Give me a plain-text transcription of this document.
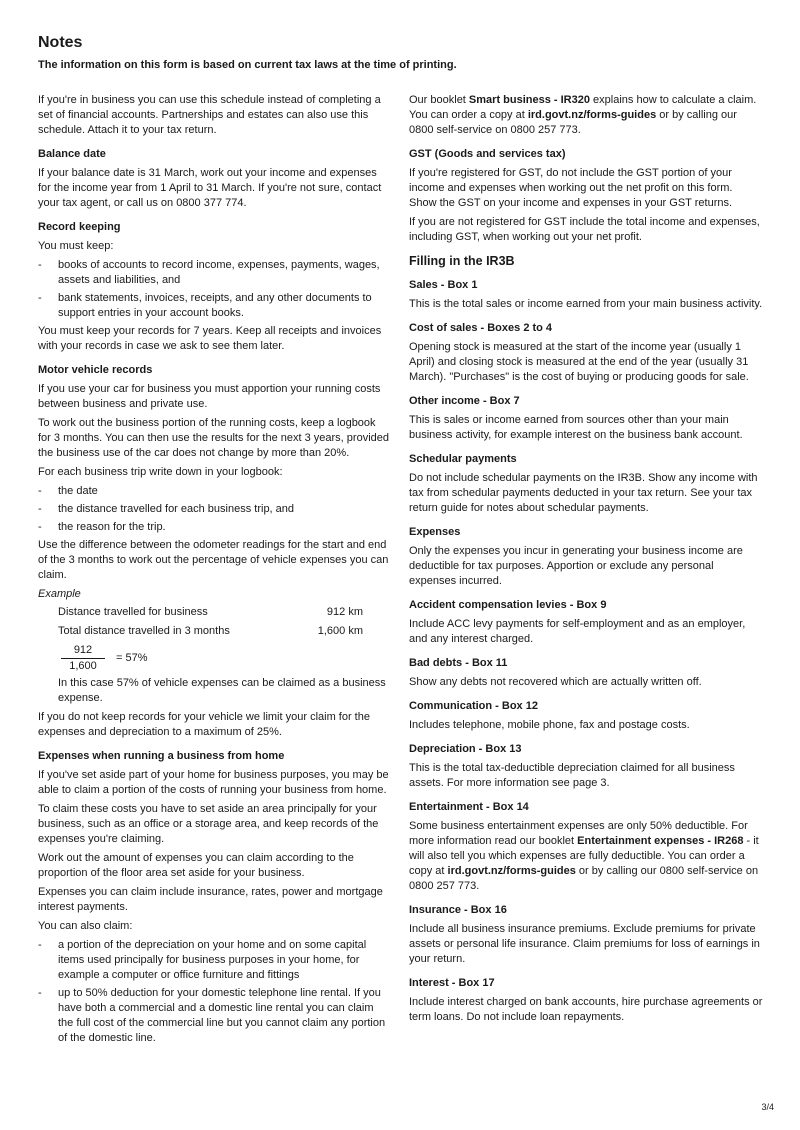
Notes

The information on this form is based on current tax laws at the time of printing.

If you're in business you can use this schedule instead of completing a set of financial accounts. Partnerships and estates can also use this schedule. Attach it to your tax return.

Balance date

If your balance date is 31 March, work out your income and expenses for the income year from 1 April to 31 March. If you're not sure, contact your tax agent, or call us on 0800 377 774.

Record keeping

You must keep:

- books of accounts to record income, expenses, payments, wages, assets and liabilities, and
- bank statements, invoices, receipts, and any other documents to support entries in your account books.

You must keep your records for 7 years. Keep all receipts and invoices with your records in case we ask to see them later.

Motor vehicle records

If you use your car for business you must apportion your running costs between business and private use.

To work out the business portion of the running costs, keep a logbook for 3 months. You can then use the results for the next 3 years, provided the business use of the car does not change by more than 20%.

For each business trip write down in your logbook:

- the date
- the distance travelled for each business trip, and
- the reason for the trip.

Use the difference between the odometer readings for the start and end of the 3 months to work out the percentage of vehicle expenses you can claim.

Example

Distance travelled for business	912 km
Total distance travelled in 3 months	1,600 km
$\frac{912}{1,600} = 57\%$

In this case 57% of vehicle expenses can be claimed as a business expense.

If you do not keep records for your vehicle we limit your claim for the expenses and depreciation to a maximum of 25%.

Expenses when running a business from home

If you've set aside part of your home for business purposes, you may be able to claim a portion of the costs of running your business from home.

To claim these costs you have to set aside an area principally for your business, such as an office or a storage area, and keep records of the expenses you're claiming.

Work out the amount of expenses you can claim according to the proportion of the floor area set aside for your business.

Expenses you can claim include insurance, rates, power and mortgage interest payments.

You can also claim:

- a portion of the depreciation on your home and on some capital items used principally for business purposes in your home, for example a computer or office furniture and fittings
- up to 50% deduction for your domestic telephone line rental. If you have both a commercial and a domestic line rental you can claim the full cost of the commercial line but you cannot claim any portion of the domestic line.

Our booklet Smart business - IR320 explains how to calculate a claim. You can order a copy at ird.govt.nz/forms-guides or by calling our 0800 self-service on 0800 257 773.

GST (Goods and services tax)

If you're registered for GST, do not include the GST portion of your income and expenses when working out the net profit on this form. Show the GST on your income and expenses in your GST returns.

If you are not registered for GST include the total income and expenses, including GST, when working out your net profit.

Filling in the IR3B
Sales - Box 1

This is the total sales or income earned from your main business activity.

Cost of sales - Boxes 2 to 4

Opening stock is measured at the start of the income year (usually 1 April) and closing stock is measured at the end of the year (usually 31 March). "Purchases" is the cost of buying or producing goods for sale.

Other income - Box 7

This is sales or income earned from sources other than your main business activity, for example interest on the business bank account.

Schedular payments

Do not include schedular payments on the IR3B. Show any income with tax from schedular payments deducted in your tax return. See your tax return guide for notes about schedular payments.

Expenses

Only the expenses you incur in generating your business income are deductible for tax purposes. Apportion or exclude any personal expenses incurred.

Accident compensation levies - Box 9

Include ACC levy payments for self-employment and as an employer, and any interest charged.

Bad debts - Box 11

Show any debts not recovered which are actually written off.

Communication - Box 12

Includes telephone, mobile phone, fax and postage costs.

Depreciation - Box 13

This is the total tax-deductible depreciation claimed for all business assets. For more information see page 3.

Entertainment - Box 14

Some business entertainment expenses are only 50% deductible. For more information read our booklet Entertainment expenses - IR268 - it will also tell you which expenses are fully deductible. You can order a copy at ird.govt.nz/forms-guides or by calling our 0800 self-service on 0800 257 773.

Insurance - Box 16

Include all business insurance premiums. Exclude premiums for private assets or personal life insurance. Claim premiums for loss of earnings in your return.

Interest - Box 17

Include interest charged on bank accounts, hire purchase agreements or term loans. Do not include loan repayments.

3/4
